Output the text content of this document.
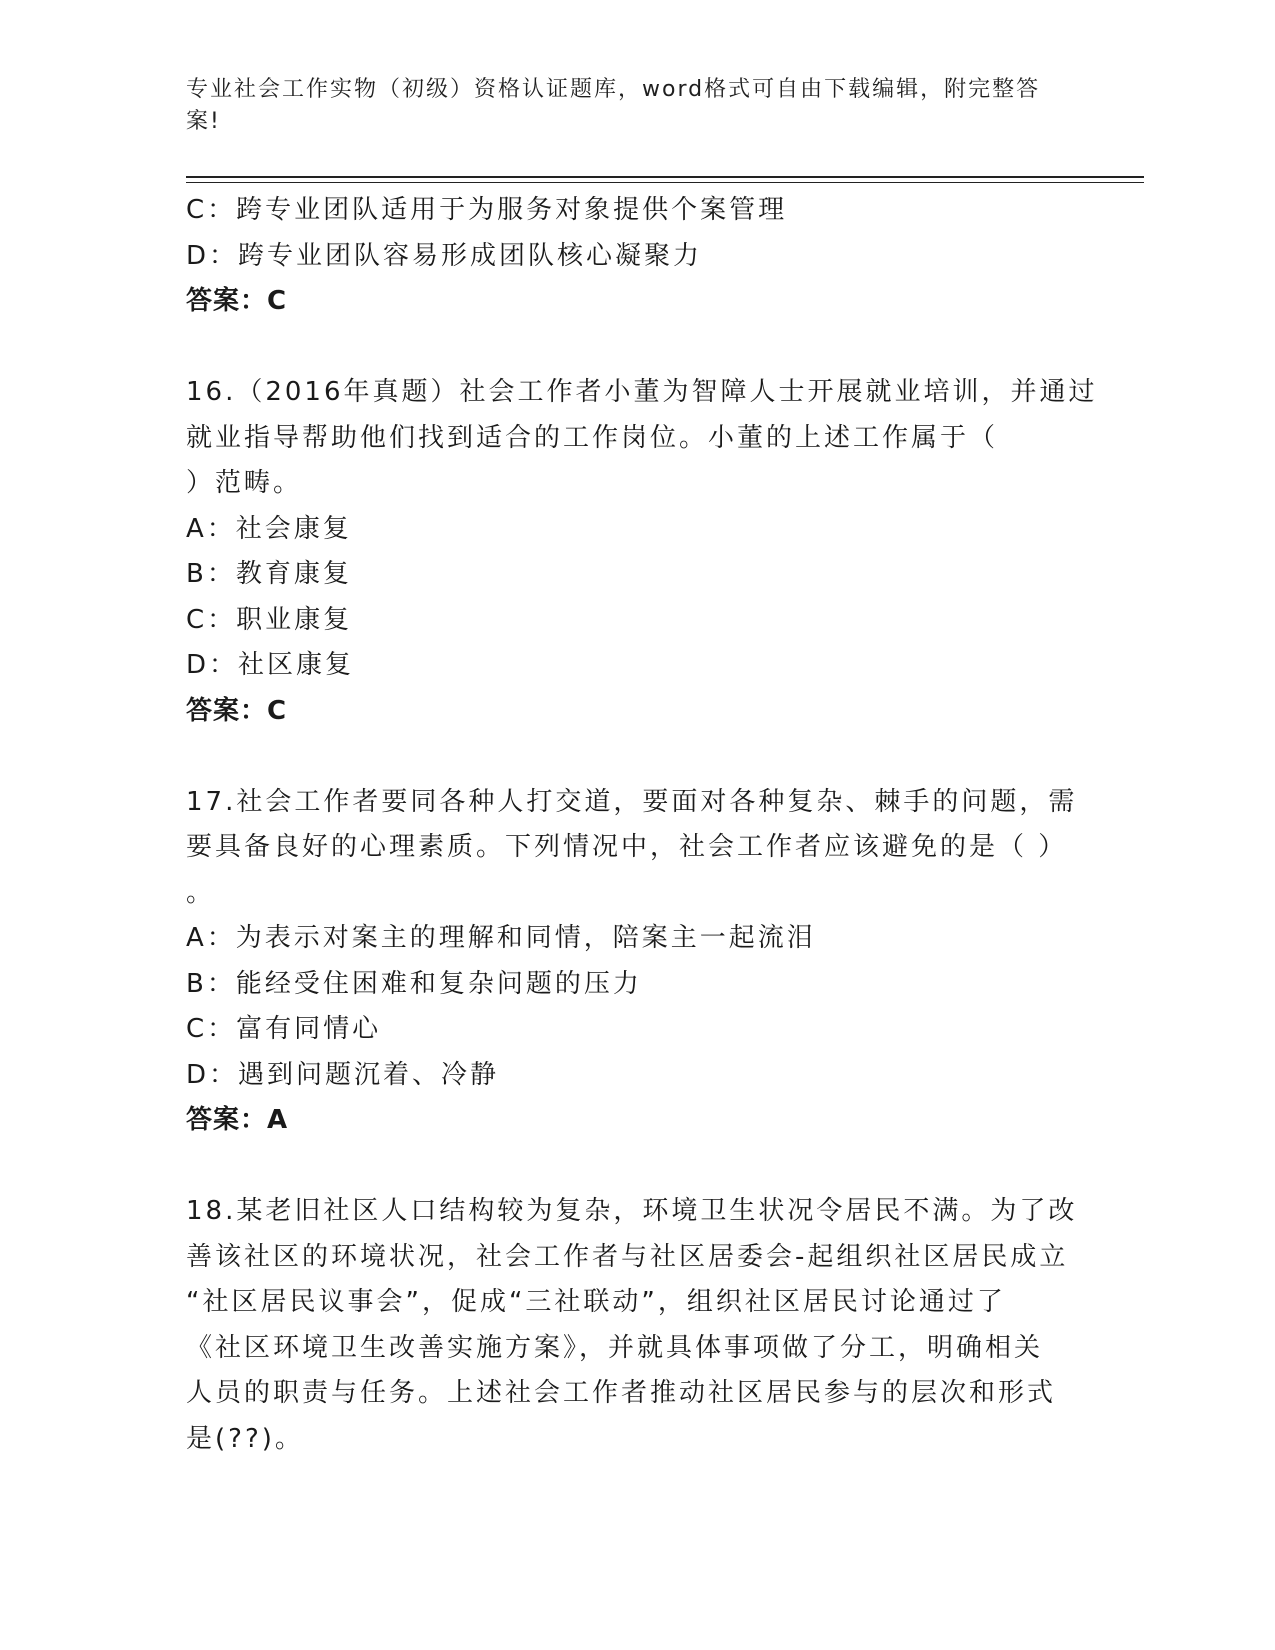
专业社会工作实物（初级）资格认证题库，word格式可自由下载编辑，附完整答
案!
C：跨专业团队适用于为服务对象提供个案管理
D：跨专业团队容易形成团队核心凝聚力
答案：C
16.（2016年真题）社会工作者小董为智障人士开展就业培训，并通过
就业指导帮助他们找到适合的工作岗位。小董的上述工作属于（
）范畴。
A：社会康复
B：教育康复
C：职业康复
D：社区康复
答案：C
17.社会工作者要同各种人打交道，要面对各种复杂、棘手的问题，需
要具备良好的心理素质。下列情况中，社会工作者应该避免的是（ ）
。
A：为表示对案主的理解和同情，陪案主一起流泪
B：能经受住困难和复杂问题的压力
C：富有同情心
D：遇到问题沉着、冷静
答案：A
18.某老旧社区人口结构较为复杂，环境卫生状况令居民不满。为了改
善该社区的环境状况，社会工作者与社区居委会-起组织社区居民成立
“社区居民议事会”，促成“三社联动”，组织社区居民讨论通过了
《社区环境卫生改善实施方案》，并就具体事项做了分工，明确相关
人员的职责与任务。上述社会工作者推动社区居民参与的层次和形式
是(??)。
